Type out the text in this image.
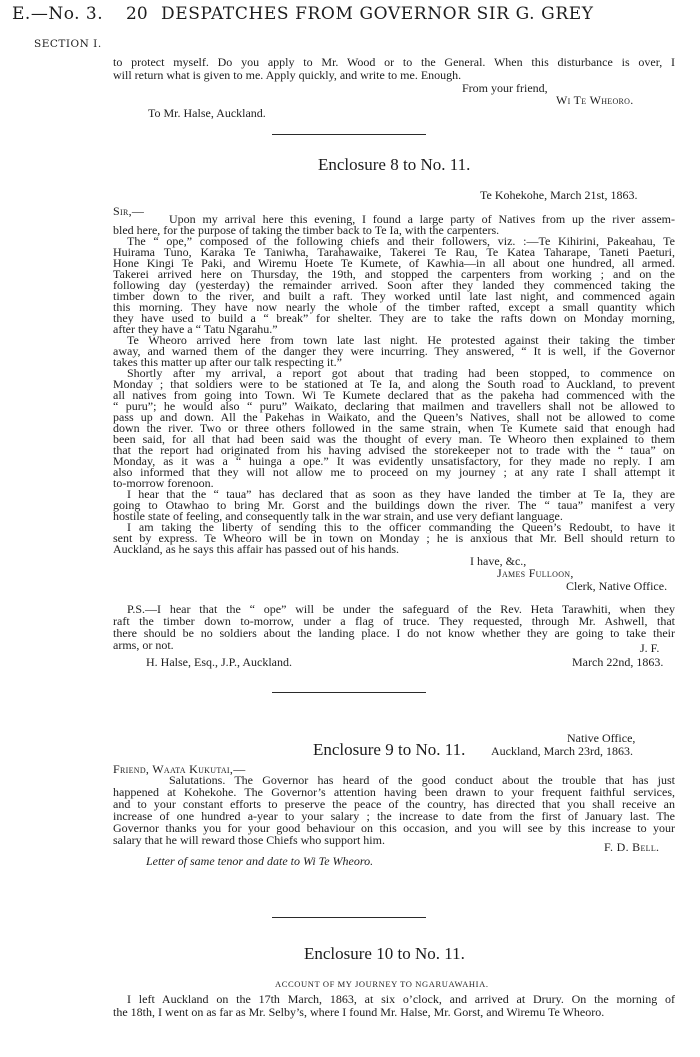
E.—No. 3.
SECTION I.
20 DESPATCHES FROM GOVERNOR SIR G. GREY
to protect myself. Do you apply to Mr. Wood or to the General. When this disturbance is over, I
will return what is given to me. Apply quickly, and write to me. Enough.
From your friend,
Wi Te Wheoro.
To Mr. Halse, Auckland.
Enclosure 8 to No. 11.
Te Kohekohe, March 21st, 1863.
Sir,—
Upon my arrival here this evening, I found a large party of Natives from up the river assem-
bled here, for the purpose of taking the timber back to Te Ia, with the carpenters.
The “ ope,” composed of the following chiefs and their followers, viz. :—Te Kihirini, Pakeahau, Te
Huirama Tuno, Karaka Te Taniwha, Tarahawaike, Takerei Te Rau, Te Katea Taharape, Taneti Paeturi,
Hone Kingi Te Paki, and Wiremu Hoete Te Kumete, of Kawhia—in all about one hundred, all armed.
Takerei arrived here on Thursday, the 19th, and stopped the carpenters from working ; and on the
following day (yesterday) the remainder arrived. Soon after they landed they commenced taking the
timber down to the river, and built a raft. They worked until late last night, and commenced again
this morning. They have now nearly the whole of the timber rafted, except a small quantity which
they have used to build a “ break” for shelter. They are to take the rafts down on Monday morning,
after they have a “ Tatu Ngarahu.”
Te Wheoro arrived here from town late last night. He protested against their taking the timber
away, and warned them of the danger they were incurring. They answered, “ It is well, if the Governor
takes this matter up after our talk respecting it.”
Shortly after my arrival, a report got about that trading had been stopped, to commence on
Monday ; that soldiers were to be stationed at Te Ia, and along the South road to Auckland, to prevent
all natives from going into Town. Wi Te Kumete declared that as the pakeha had commenced with the
“ puru”; he would also “ puru” Waikato, declaring that mailmen and travellers shall not be allowed to
pass up and down. All the Pakehas in Waikato, and the Queen’s Natives, shall not be allowed to come
down the river. Two or three others followed in the same strain, when Te Kumete said that enough had
been said, for all that had been said was the thought of every man. Te Wheoro then explained to them
that the report had originated from his having advised the storekeeper not to trade with the “ taua” on
Monday, as it was a “ huinga a ope.” It was evidently unsatisfactory, for they made no reply. I am
also informed that they will not allow me to proceed on my journey ; at any rate I shall attempt it
to-morrow forenoon.
I hear that the “ taua” has declared that as soon as they have landed the timber at Te Ia, they are
going to Otawhao to bring Mr. Gorst and the buildings down the river. The “ taua” manifest a very
hostile state of feeling, and consequently talk in the war strain, and use very defiant language.
I am taking the liberty of sending this to the officer commanding the Queen’s Redoubt, to have it
sent by express. Te Wheoro will be in town on Monday ; he is anxious that Mr. Bell should return to
Auckland, as he says this affair has passed out of his hands.
I have, &c.,
James Fulloon,
Clerk, Native Office.
P.S.—I hear that the “ ope” will be under the safeguard of the Rev. Heta Tarawhiti, when they
raft the timber down to-morrow, under a flag of truce. They requested, through Mr. Ashwell, that
there should be no soldiers about the landing place. I do not know whether they are going to take their
arms, or not.	J. F.
March 22nd, 1863.
H. Halse, Esq., J.P., Auckland.
Enclosure 9 to No. 11.
Native Office,
Auckland, March 23rd, 1863.
Friend, Waata Kukutai,—
Salutations. The Governor has heard of the good conduct about the trouble that has just
happened at Kohekohe. The Governor’s attention having been drawn to your frequent faithful services,
and to your constant efforts to preserve the peace of the country, has directed that you shall receive an
increase of one hundred a-year to your salary ; the increase to date from the first of January last. The
Governor thanks you for your good behaviour on this occasion, and you will see by this increase to your
salary that he will reward those Chiefs who support him.	F. D. Bell.
Letter of same tenor and date to Wi Te Wheoro.
Enclosure 10 to No. 11.
ACCOUNT OF MY JOURNEY TO NGARUAWAHIA.
I left Auckland on the 17th March, 1863, at six o’clock, and arrived at Drury. On the morning of
the 18th, I went on as far as Mr. Selby’s, where I found Mr. Halse, Mr. Gorst, and Wiremu Te Wheoro.
